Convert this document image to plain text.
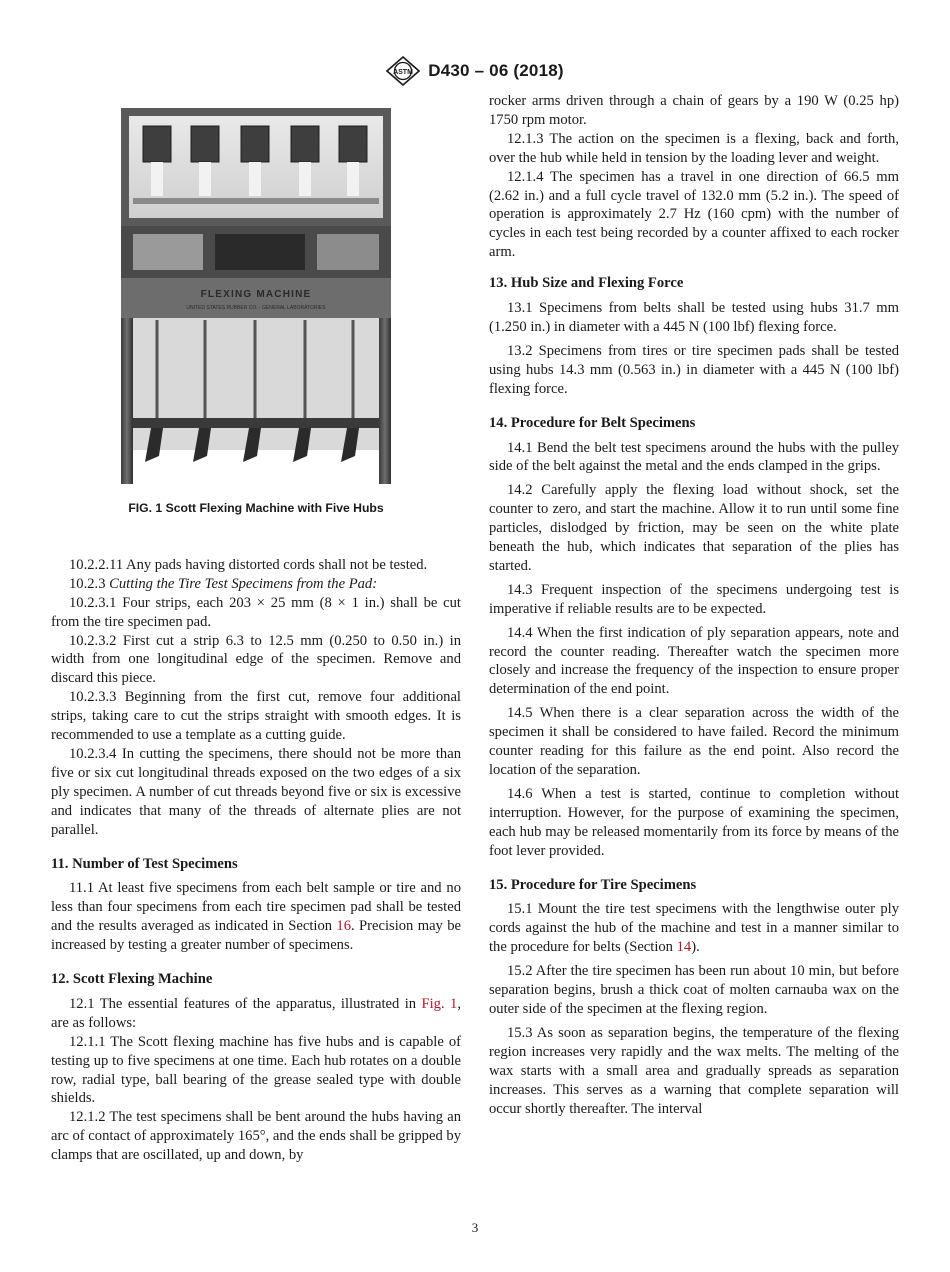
ASTM D430 – 06 (2018)
FLEXING MACHINE
UNITED STATES RUBBER CO. · GENERAL LABORATORIES
FIG. 1 Scott Flexing Machine with Five Hubs

10.2.2.11 Any pads having distorted cords shall not be tested.

10.2.3 Cutting the Tire Test Specimens from the Pad:

10.2.3.1 Four strips, each 203 × 25 mm (8 × 1 in.) shall be cut from the tire specimen pad.

10.2.3.2 First cut a strip 6.3 to 12.5 mm (0.250 to 0.50 in.) in width from one longitudinal edge of the specimen. Remove and discard this piece.

10.2.3.3 Beginning from the first cut, remove four additional strips, taking care to cut the strips straight with smooth edges. It is recommended to use a template as a cutting guide.

10.2.3.4 In cutting the specimens, there should not be more than five or six cut longitudinal threads exposed on the two edges of a six ply specimen. A number of cut threads beyond five or six is excessive and indicates that many of the threads of alternate plies are not parallel.

11. Number of Test Specimens

11.1 At least five specimens from each belt sample or tire and no less than four specimens from each tire specimen pad shall be tested and the results averaged as indicated in Section 16. Precision may be increased by testing a greater number of specimens.

12. Scott Flexing Machine

12.1 The essential features of the apparatus, illustrated in Fig. 1, are as follows:

12.1.1 The Scott flexing machine has five hubs and is capable of testing up to five specimens at one time. Each hub rotates on a double row, radial type, ball bearing of the grease sealed type with double shields.

12.1.2 The test specimens shall be bent around the hubs having an arc of contact of approximately 165°, and the ends shall be gripped by clamps that are oscillated, up and down, by

rocker arms driven through a chain of gears by a 190 W (0.25 hp) 1750 rpm motor.

12.1.3 The action on the specimen is a flexing, back and forth, over the hub while held in tension by the loading lever and weight.

12.1.4 The specimen has a travel in one direction of 66.5 mm (2.62 in.) and a full cycle travel of 132.0 mm (5.2 in.). The speed of operation is approximately 2.7 Hz (160 cpm) with the number of cycles in each test being recorded by a counter affixed to each rocker arm.

13. Hub Size and Flexing Force

13.1 Specimens from belts shall be tested using hubs 31.7 mm (1.250 in.) in diameter with a 445 N (100 lbf) flexing force.

13.2 Specimens from tires or tire specimen pads shall be tested using hubs 14.3 mm (0.563 in.) in diameter with a 445 N (100 lbf) flexing force.

14. Procedure for Belt Specimens

14.1 Bend the belt test specimens around the hubs with the pulley side of the belt against the metal and the ends clamped in the grips.

14.2 Carefully apply the flexing load without shock, set the counter to zero, and start the machine. Allow it to run until some fine particles, dislodged by friction, may be seen on the white plate beneath the hub, which indicates that separation of the plies has started.

14.3 Frequent inspection of the specimens undergoing test is imperative if reliable results are to be expected.

14.4 When the first indication of ply separation appears, note and record the counter reading. Thereafter watch the specimen more closely and increase the frequency of the inspection to ensure proper determination of the end point.

14.5 When there is a clear separation across the width of the specimen it shall be considered to have failed. Record the minimum counter reading for this failure as the end point. Also record the location of the separation.

14.6 When a test is started, continue to completion without interruption. However, for the purpose of examining the specimen, each hub may be released momentarily from its force by means of the foot lever provided.

15. Procedure for Tire Specimens

15.1 Mount the tire test specimens with the lengthwise outer ply cords against the hub of the machine and test in a manner similar to the procedure for belts (Section 14).

15.2 After the tire specimen has been run about 10 min, but before separation begins, brush a thick coat of molten carnauba wax on the outer side of the specimen at the flexing region.

15.3 As soon as separation begins, the temperature of the flexing region increases very rapidly and the wax melts. The melting of the wax starts with a small area and gradually spreads as separation increases. This serves as a warning that complete separation will occur shortly thereafter. The interval

3
